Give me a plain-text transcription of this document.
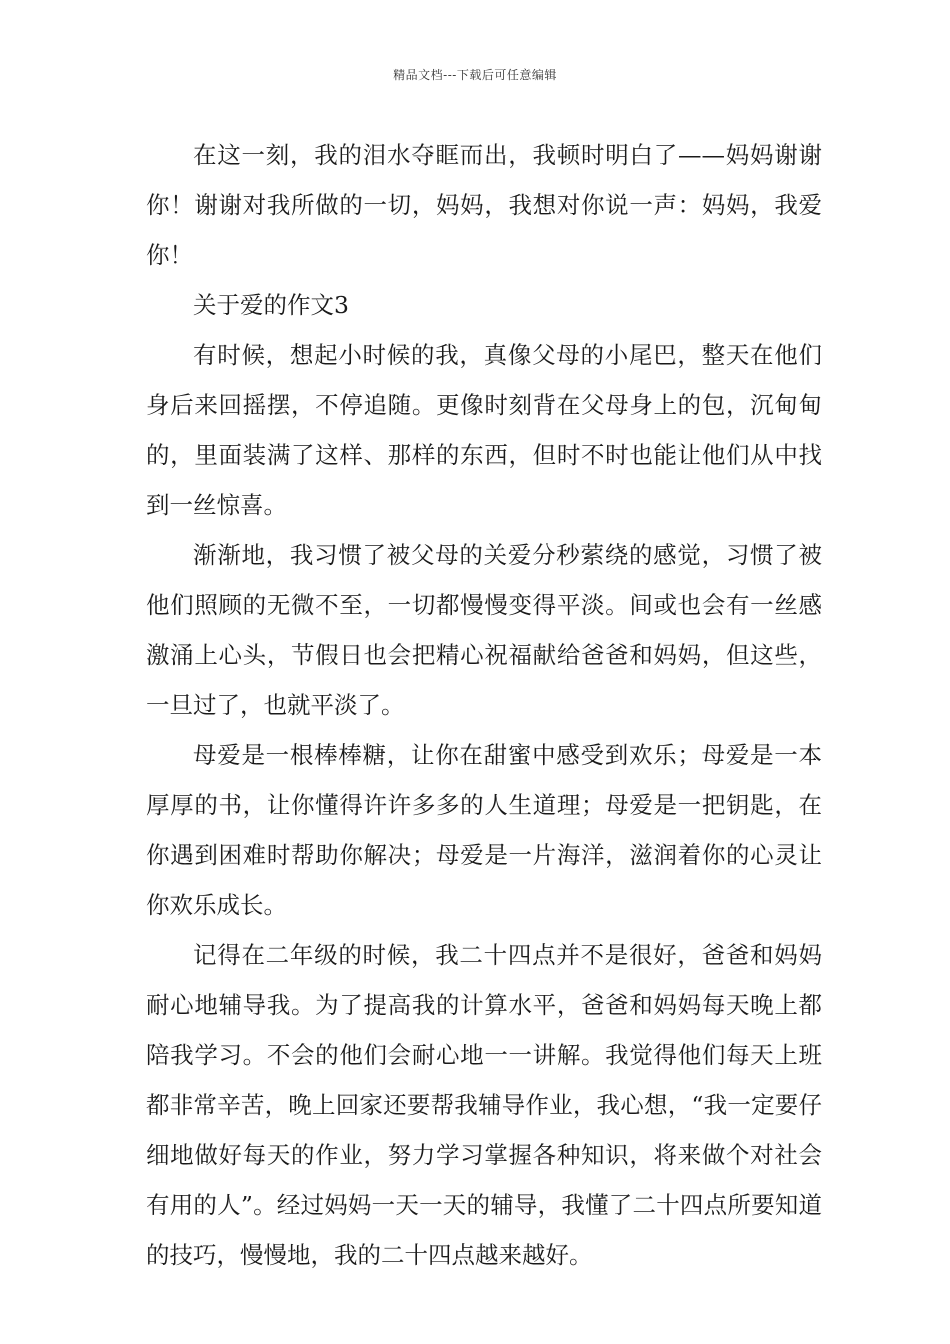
精品文档---下载后可任意编辑

在这一刻，我的泪水夺眶而出，我顿时明白了——妈妈谢谢你！谢谢对我所做的一切，妈妈，我想对你说一声：妈妈，我爱你！

关于爱的作文3

有时候，想起小时候的我，真像父母的小尾巴，整天在他们身后来回摇摆，不停追随。更像时刻背在父母身上的包，沉甸甸的，里面装满了这样、那样的东西，但时不时也能让他们从中找到一丝惊喜。

渐渐地，我习惯了被父母的关爱分秒萦绕的感觉，习惯了被他们照顾的无微不至，一切都慢慢变得平淡。间或也会有一丝感激涌上心头，节假日也会把精心祝福献给爸爸和妈妈，但这些，一旦过了，也就平淡了。

母爱是一根棒棒糖，让你在甜蜜中感受到欢乐；母爱是一本厚厚的书，让你懂得许许多多的人生道理；母爱是一把钥匙，在你遇到困难时帮助你解决；母爱是一片海洋，滋润着你的心灵让你欢乐成长。

记得在二年级的时候，我二十四点并不是很好，爸爸和妈妈耐心地辅导我。为了提高我的计算水平，爸爸和妈妈每天晚上都陪我学习。不会的他们会耐心地一一讲解。我觉得他们每天上班都非常辛苦，晚上回家还要帮我辅导作业，我心想，“我一定要仔细地做好每天的作业，努力学习掌握各种知识，将来做个对社会有用的人”。经过妈妈一天一天的辅导，我懂了二十四点所要知道的技巧，慢慢地，我的二十四点越来越好。
